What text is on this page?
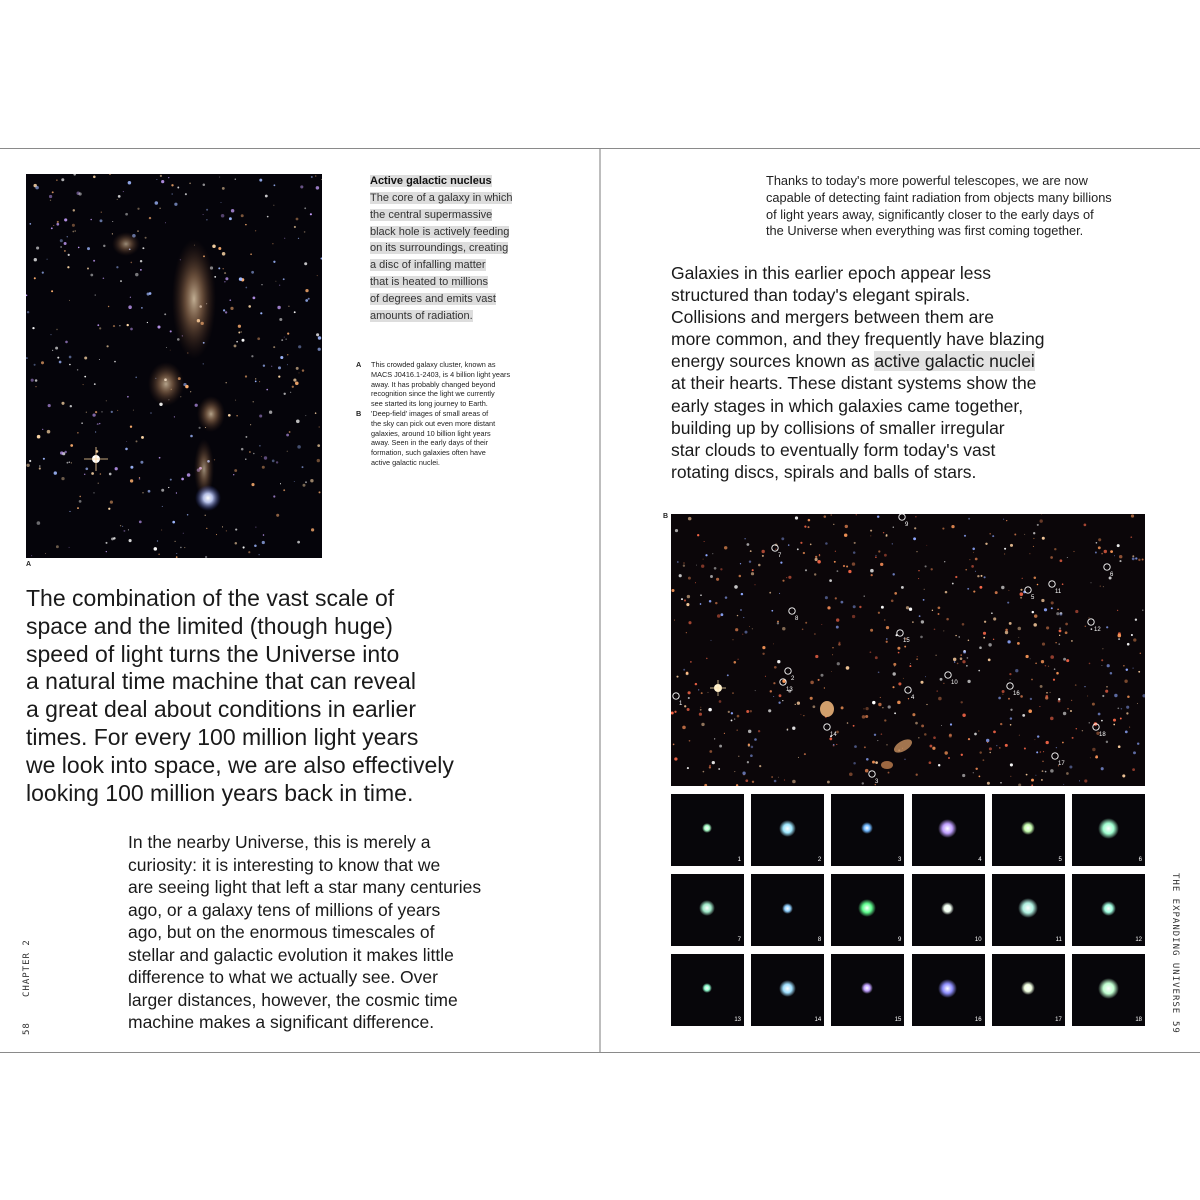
A
Active galactic nucleus
The core of a galaxy in which
the central supermassive
black hole is actively feeding
on its surroundings, creating
a disc of infalling matter
that is heated to millions
of degrees and emits vast
amounts of radiation.
A	This crowded galaxy cluster, known as
MACS J0416.1-2403, is 4 billion light years
away. It has probably changed beyond
recognition since the light we currently
see started its long journey to Earth.
B	'Deep-field' images of small areas of
the sky can pick out even more distant
galaxies, around 10 billion light years
away. Seen in the early days of their
formation, such galaxies often have
active galactic nuclei.
The combination of the vast scale of
space and the limited (though huge)
speed of light turns the Universe into
a natural time machine that can reveal
a great deal about conditions in earlier
times. For every 100 million light years
we look into space, we are also effectively
looking 100 million years back in time.
In the nearby Universe, this is merely a
curiosity: it is interesting to know that we
are seeing light that left a star many centuries
ago, or a galaxy tens of millions of years
ago, but on the enormous timescales of
stellar and galactic evolution it makes little
difference to what we actually see. Over
larger distances, however, the cosmic time
machine makes a significant difference.
CHAPTER 2
58
Thanks to today's more powerful telescopes, we are now
capable of detecting faint radiation from objects many billions
of light years away, significantly closer to the early days of
the Universe when everything was first coming together.
Galaxies in this earlier epoch appear less
structured than today's elegant spirals.
Collisions and mergers between them are
more common, and they frequently have blazing
energy sources known as active galactic nuclei
at their hearts. These distant systems show the
early stages in which galaxies came together,
building up by collisions of smaller irregular
star clouds to eventually form today's vast
rotating discs, spirals and balls of stars.
B
1
2
3
4
5
6
7
8
9
10
11
12
13
14
15
16
17
18
1	2	3	4	5	6
7	8	9	10	11	12
13	14	15	16	17	18
THE EXPANDING UNIVERSE
59
